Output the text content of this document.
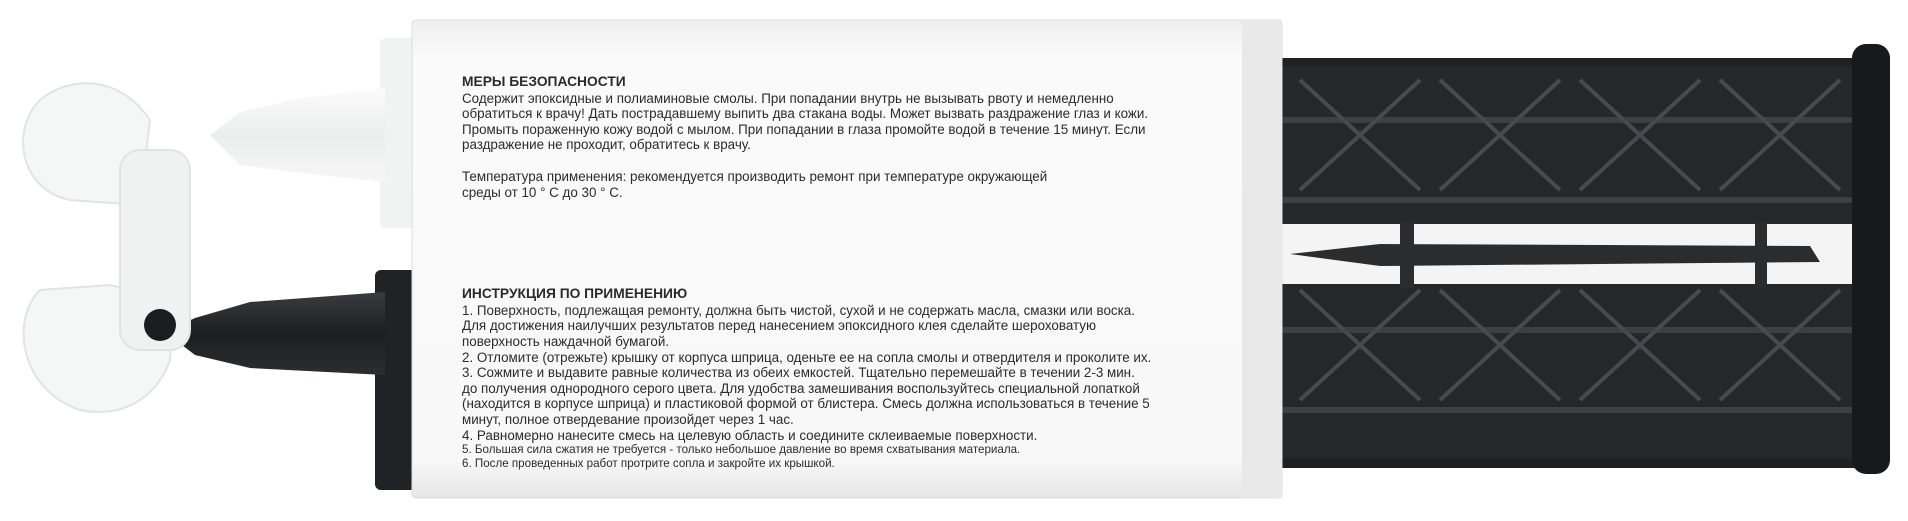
МЕРЫ БЕЗОПАСНОСТИ

Содержит эпоксидные и полиаминовые смолы. При попадании внутрь не вызывать рвоту и немедленно

обратиться к врачу! Дать пострадавшему выпить два стакана воды. Может вызвать раздражение глаз и кожи.

Промыть пораженную кожу водой с мылом. При попадании в глаза промойте водой в течение 15 минут. Если

раздражение не проходит, обратитесь к врачу.

Температура применения: рекомендуется производить ремонт при температуре окружающей

среды от 10 ° С до 30 ° С.

ИНСТРУКЦИЯ ПО ПРИМЕНЕНИЮ

1. Поверхность, подлежащая ремонту, должна быть чистой, сухой и не содержать масла, смазки или воска.

Для достижения наилучших результатов перед нанесением эпоксидного клея сделайте шероховатую

поверхность наждачной бумагой.

2. Отломите (отрежьте) крышку от корпуса шприца, оденьте ее на сопла смолы и отвердителя и проколите их.

3. Сожмите и выдавите равные количества из обеих емкостей. Тщательно перемешайте в течении 2-3 мин.

до получения однородного серого цвета. Для удобства замешивания воспользуйтесь специальной лопаткой

(находится в корпусе шприца) и пластиковой формой от блистера. Смесь должна использоваться в течение 5

минут, полное отвердевание произойдет через 1 час.

4. Равномерно нанесите смесь на целевую область и соедините склеиваемые поверхности.

5. Большая сила сжатия не требуется - только небольшое давление во время схватывания материала.

6. После проведенных работ протрите сопла и закройте их крышкой.
